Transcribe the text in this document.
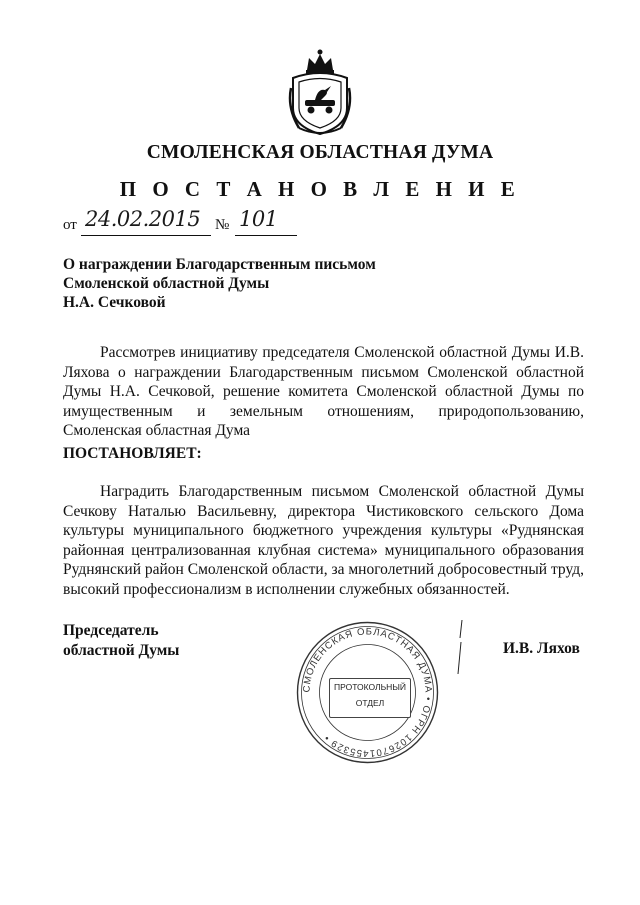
СМОЛЕНСКАЯ ОБЛАСТНАЯ ДУМА
П О С Т А Н О В Л Е Н И Е
от 24.02.2015 № 101
О награждении Благодарственным письмом
Смоленской областной Думы
Н.А. Сечковой

Рассмотрев инициативу председателя Смоленской областной Думы И.В. Ляхова о награждении Благодарственным письмом Смоленской областной Думы Н.А. Сечковой, решение комитета Смоленской областной Думы по имущественным и земельным отношениям, природопользованию, Смоленская областная Дума

ПОСТАНОВЛЯЕТ:

Наградить Благодарственным письмом Смоленской областной Думы Сечкову Наталью Васильевну, директора Чистиковского сельского Дома культуры муниципального бюджетного учреждения культуры «Руднянская районная централизованная клубная система» муниципального образования Руднянский район Смоленской области, за многолетний добросовестный труд, высокий профессионализм в исполнении служебных обязанностей.

Председатель
областной Думы
СМОЛЕНСКАЯ ОБЛАСТНАЯ ДУМА • ОГРН 1026701455329 •
ПРОТОКОЛЬНЫЙ
ОТДЕЛ
И.В. Ляхов
